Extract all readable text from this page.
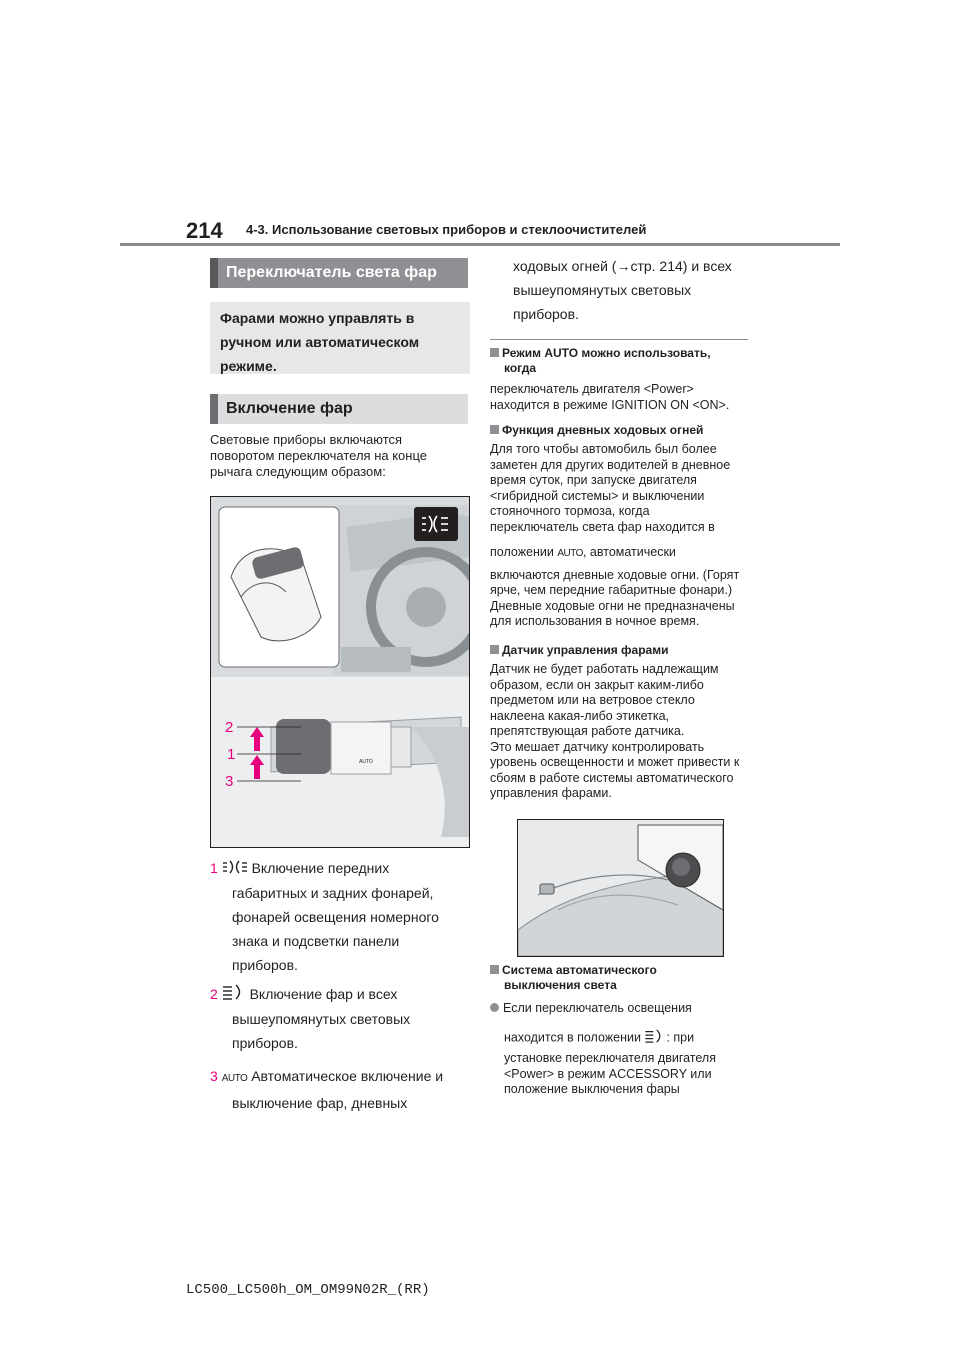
214 4-3. Использование световых приборов и стеклоочистителей
Переключатель света фар
Фарами можно управлять в
ручном или автоматическом
режиме.
Включение фар
Световые приборы включаются
поворотом переключателя на конце
рычага следующим образом:
2
1
3
AUTO
1 Включение передних
габаритных и задних фонарей,
фонарей освещения номерного
знака и подсветки панели
приборов.
2 Включение фар и всех
вышеупомянутых световых
приборов.
3 AUTO Автоматическое включение и
выключение фар, дневных
ходовых огней (→стр. 214) и всех
вышеупомянутых световых
приборов.
Режим AUTO можно использовать,
когда
переключатель двигателя <Power>
находится в режиме IGNITION ON <ON>.
Функция дневных ходовых огней
Для того чтобы автомобиль был более
заметен для других водителей в дневное
время суток, при запуске двигателя
<гибридной системы> и выключении
стояночного тормоза, когда
переключатель света фар находится в
положении AUTO, автоматически
включаются дневные ходовые огни. (Горят
ярче, чем передние габаритные фонари.)
Дневные ходовые огни не предназначены
для использования в ночное время.
Датчик управления фарами
Датчик не будет работать надлежащим
образом, если он закрыт каким-либо
предметом или на ветровое стекло
наклеена какая-либо этикетка,
препятствующая работе датчика.
Это мешает датчику контролировать
уровень освещенности и может привести к
сбоям в работе системы автоматического
управления фарами.
Система автоматического
выключения света
Если переключатель освещения
находится в положении : при
установке переключателя двигателя
<Power> в режим ACCESSORY или
положение выключения фары
LC500_LC500h_OM_OM99N02R_(RR)
